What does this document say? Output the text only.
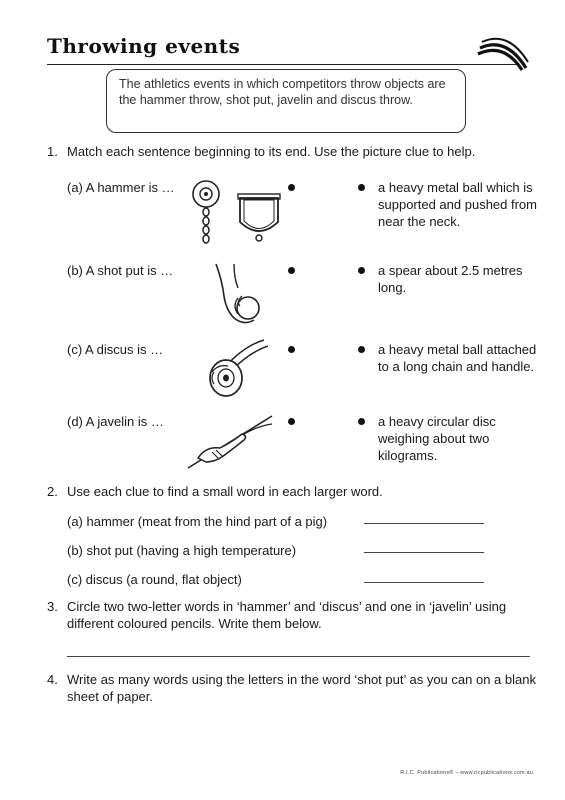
Throwing events
The athletics events in which competitors throw objects are the hammer throw, shot put, javelin and discus throw.
1. Match each sentence beginning to its end. Use the picture clue to help.
(a) A hammer is …	a heavy metal ball which is supported and pushed from near the neck.
(b) A shot put is …	a spear about 2.5 metres long.
(c) A discus is …	a heavy metal ball attached to a long chain and handle.
(d) A javelin is …	a heavy circular disc weighing about two kilograms.
2. Use each clue to find a small word in each larger word.
(a) hammer (meat from the hind part of a pig)
(b) shot put (having a high temperature)
(c) discus (a round, flat object)
3. Circle two two-letter words in ‘hammer’ and ‘discus’ and one in ‘javelin’ using different coloured pencils. Write them below.
4. Write as many words using the letters in the word ‘shot put’ as you can on a blank sheet of paper.
R.I.C. Publications® – www.ricpublications.com.au
